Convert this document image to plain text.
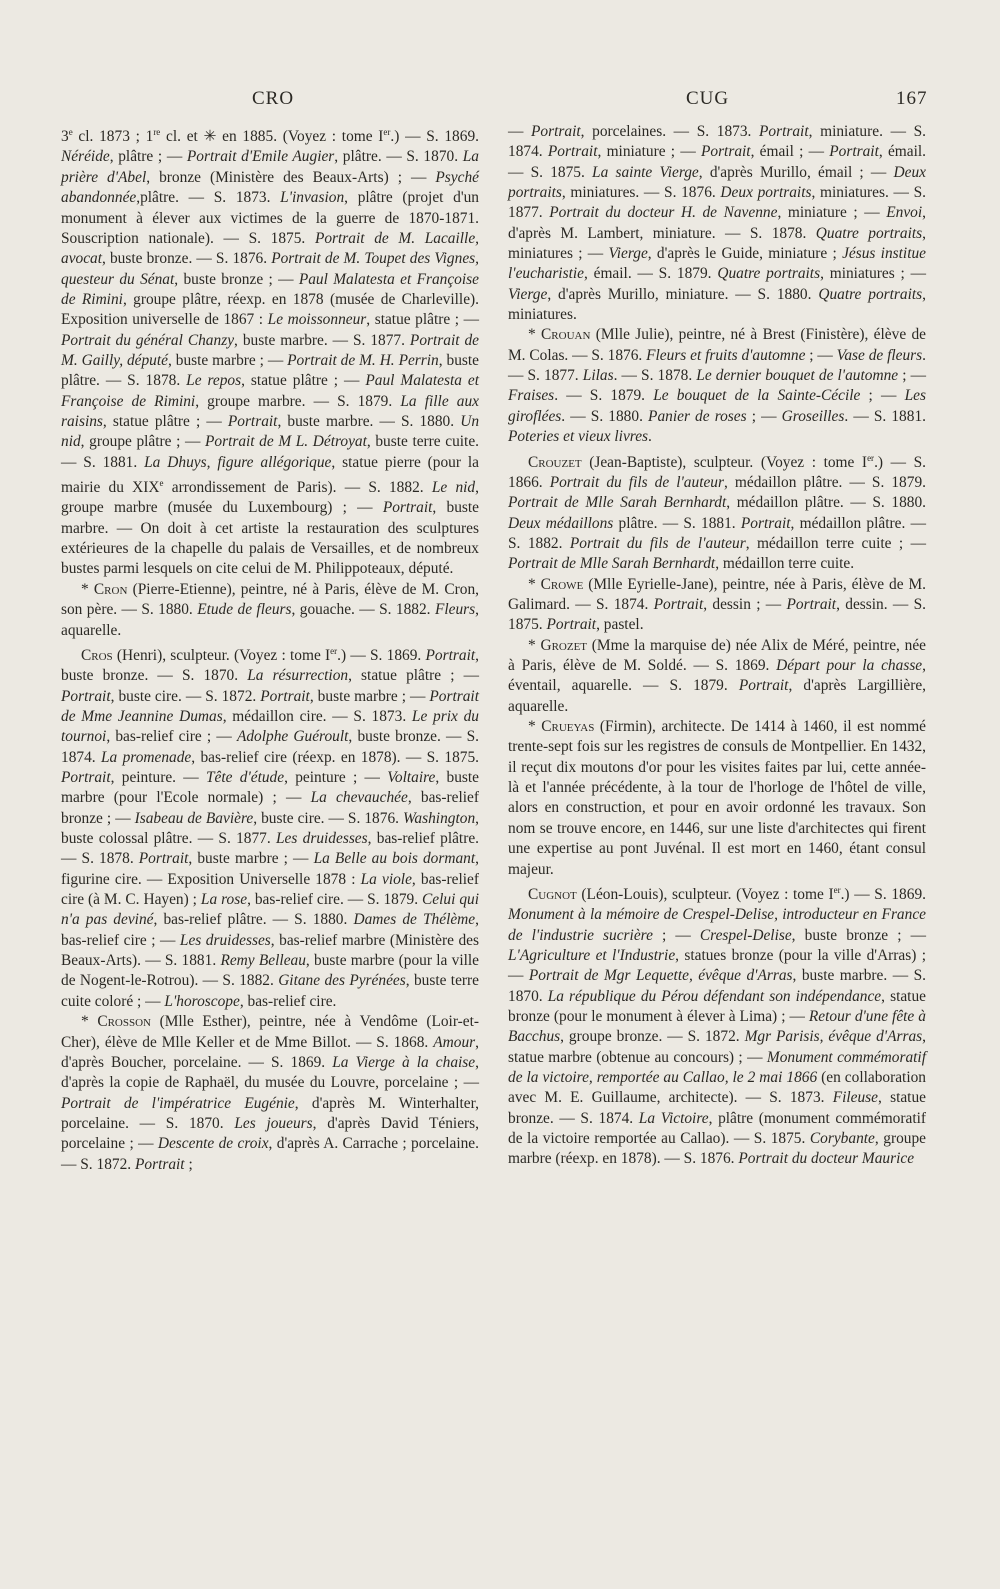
CRO	CUG	167

3e cl. 1873 ; 1re cl. et ✳ en 1885. (Voyez : tome Ier.) — S. 1869. Néréide, plâtre ; — Portrait d'Emile Augier, plâtre. — S. 1870. La prière d'Abel, bronze (Ministère des Beaux-Arts) ; — Psyché abandonnée,plâtre. — S. 1873. L'invasion, plâtre (projet d'un monument à élever aux victimes de la guerre de 1870-1871. Souscription nationale). — S. 1875. Portrait de M. Lacaille, avocat, buste bronze. — S. 1876. Portrait de M. Toupet des Vignes, questeur du Sénat, buste bronze ; — Paul Malatesta et Françoise de Rimini, groupe plâtre, réexp. en 1878 (musée de Charleville). Exposition universelle de 1867 : Le moissonneur, statue plâtre ; — Portrait du général Chanzy, buste marbre. — S. 1877. Portrait de M. Gailly, député, buste marbre ; — Portrait de M. H. Perrin, buste plâtre. — S. 1878. Le repos, statue plâtre ; — Paul Malatesta et Françoise de Rimini, groupe marbre. — S. 1879. La fille aux raisins, statue plâtre ; — Portrait, buste marbre. — S. 1880. Un nid, groupe plâtre ; — Portrait de M L. Détroyat, buste terre cuite. — S. 1881. La Dhuys, figure allégorique, statue pierre (pour la mairie du XIXe arrondissement de Paris). — S. 1882. Le nid, groupe marbre (musée du Luxembourg) ; — Portrait, buste marbre. — On doit à cet artiste la restauration des sculptures extérieures de la chapelle du palais de Versailles, et de nombreux bustes parmi lesquels on cite celui de M. Philippoteaux, député.

* Cron (Pierre-Etienne), peintre, né à Paris, élève de M. Cron, son père. — S. 1880. Etude de fleurs, gouache. — S. 1882. Fleurs, aquarelle.

Cros (Henri), sculpteur. (Voyez : tome Ier.) — S. 1869. Portrait, buste bronze. — S. 1870. La résurrection, statue plâtre ; — Portrait, buste cire. — S. 1872. Portrait, buste marbre ; — Portrait de Mme Jeannine Dumas, médaillon cire. — S. 1873. Le prix du tournoi, bas-relief cire ; — Adolphe Guéroult, buste bronze. — S. 1874. La promenade, bas-relief cire (réexp. en 1878). — S. 1875. Portrait, peinture. — Tête d'étude, peinture ; — Voltaire, buste marbre (pour l'Ecole normale) ; — La chevauchée, bas-relief bronze ; — Isabeau de Bavière, buste cire. — S. 1876. Washington, buste colossal plâtre. — S. 1877. Les druidesses, bas-relief plâtre. — S. 1878. Portrait, buste marbre ; — La Belle au bois dormant, figurine cire. — Exposition Universelle 1878 : La viole, bas-relief cire (à M. C. Hayen) ; La rose, bas-relief cire. — S. 1879. Celui qui n'a pas deviné, bas-relief plâtre. — S. 1880. Dames de Thélème, bas-relief cire ; — Les druidesses, bas-relief marbre (Ministère des Beaux-Arts). — S. 1881. Remy Belleau, buste marbre (pour la ville de Nogent-le-Rotrou). — S. 1882. Gitane des Pyrénées, buste terre cuite coloré ; — L'horoscope, bas-relief cire.

* Crosson (Mlle Esther), peintre, née à Vendôme (Loir-et-Cher), élève de Mlle Keller et de Mme Billot. — S. 1868. Amour, d'après Boucher, porcelaine. — S. 1869. La Vierge à la chaise, d'après la copie de Raphaël, du musée du Louvre, porcelaine ; — Portrait de l'impératrice Eugénie, d'après M. Winterhalter, porcelaine. — S. 1870. Les joueurs, d'après David Téniers, porcelaine ; — Descente de croix, d'après A. Carrache ; porcelaine. — S. 1872. Portrait ;

— Portrait, porcelaines. — S. 1873. Portrait, miniature. — S. 1874. Portrait, miniature ; — Portrait, émail ; — Portrait, émail. — S. 1875. La sainte Vierge, d'après Murillo, émail ; — Deux portraits, miniatures. — S. 1876. Deux portraits, miniatures. — S. 1877. Portrait du docteur H. de Navenne, miniature ; — Envoi, d'après M. Lambert, miniature. — S. 1878. Quatre portraits, miniatures ; — Vierge, d'après le Guide, miniature ; Jésus institue l'eucharistie, émail. — S. 1879. Quatre portraits, miniatures ; — Vierge, d'après Murillo, miniature. — S. 1880. Quatre portraits, miniatures.

* Crouan (Mlle Julie), peintre, né à Brest (Finistère), élève de M. Colas. — S. 1876. Fleurs et fruits d'automne ; — Vase de fleurs. — S. 1877. Lilas. — S. 1878. Le dernier bouquet de l'automne ; — Fraises. — S. 1879. Le bouquet de la Sainte-Cécile ; — Les giroflées. — S. 1880. Panier de roses ; — Groseilles. — S. 1881. Poteries et vieux livres.

Crouzet (Jean-Baptiste), sculpteur. (Voyez : tome Ier.) — S. 1866. Portrait du fils de l'auteur, médaillon plâtre. — S. 1879. Portrait de Mlle Sarah Bernhardt, médaillon plâtre. — S. 1880. Deux médaillons plâtre. — S. 1881. Portrait, médaillon plâtre. — S. 1882. Portrait du fils de l'auteur, médaillon terre cuite ; — Portrait de Mlle Sarah Bernhardt, médaillon terre cuite.

* Crowe (Mlle Eyrielle-Jane), peintre, née à Paris, élève de M. Galimard. — S. 1874. Portrait, dessin ; — Portrait, dessin. — S. 1875. Portrait, pastel.

* Grozet (Mme la marquise de) née Alix de Méré, peintre, née à Paris, élève de M. Soldé. — S. 1869. Départ pour la chasse, éventail, aquarelle. — S. 1879. Portrait, d'après Largillière, aquarelle.

* Crueyas (Firmin), architecte. De 1414 à 1460, il est nommé trente-sept fois sur les registres de consuls de Montpellier. En 1432, il reçut dix moutons d'or pour les visites faites par lui, cette année-là et l'année précédente, à la tour de l'horloge de l'hôtel de ville, alors en construction, et pour en avoir ordonné les travaux. Son nom se trouve encore, en 1446, sur une liste d'architectes qui firent une expertise au pont Juvénal. Il est mort en 1460, étant consul majeur.

Cugnot (Léon-Louis), sculpteur. (Voyez : tome Ier.) — S. 1869. Monument à la mémoire de Crespel-Delise, introducteur en France de l'industrie sucrière ; — Crespel-Delise, buste bronze ; — L'Agriculture et l'Industrie, statues bronze (pour la ville d'Arras) ; — Portrait de Mgr Lequette, évêque d'Arras, buste marbre. — S. 1870. La république du Pérou défendant son indépendance, statue bronze (pour le monument à élever à Lima) ; — Retour d'une fête à Bacchus, groupe bronze. — S. 1872. Mgr Parisis, évêque d'Arras, statue marbre (obtenue au concours) ; — Monument commémoratif de la victoire, remportée au Callao, le 2 mai 1866 (en collaboration avec M. E. Guillaume, architecte). — S. 1873. Fileuse, statue bronze. — S. 1874. La Victoire, plâtre (monument commémoratif de la victoire remportée au Callao). — S. 1875. Corybante, groupe marbre (réexp. en 1878). — S. 1876. Portrait du docteur Maurice
